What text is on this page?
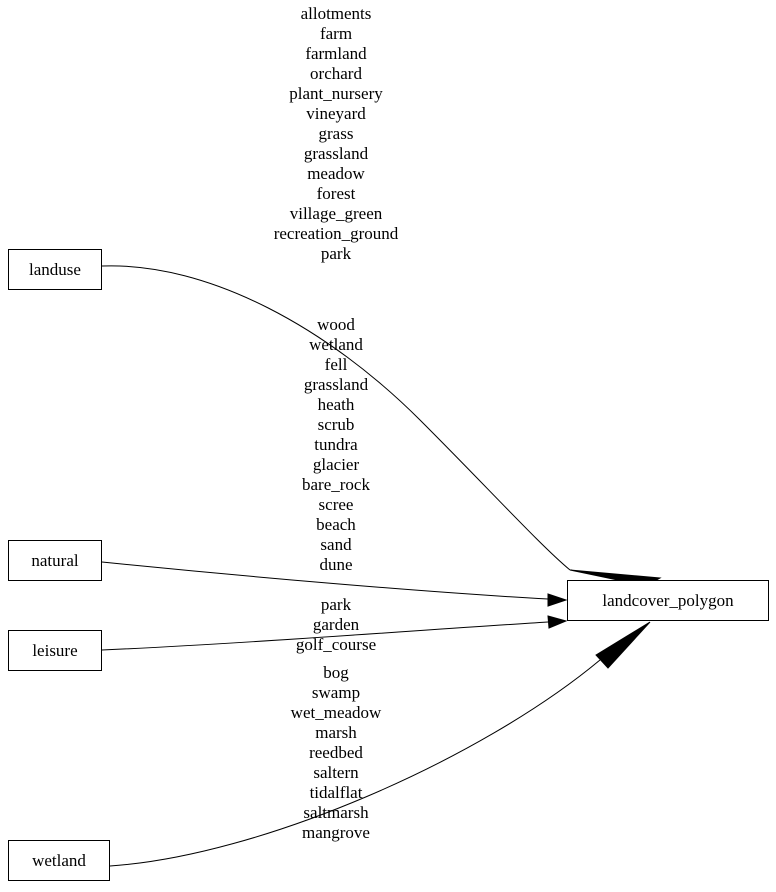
landuse
natural
leisure
wetland
landcover_polygon
allotments
farm
farmland
orchard
plant_nursery
vineyard
grass
grassland
meadow
forest
village_green
recreation_ground
park
wood
wetland
fell
grassland
heath
scrub
tundra
glacier
bare_rock
scree
beach
sand
dune
park
garden
golf_course
bog
swamp
wet_meadow
marsh
reedbed
saltern
tidalflat
saltmarsh
mangrove
